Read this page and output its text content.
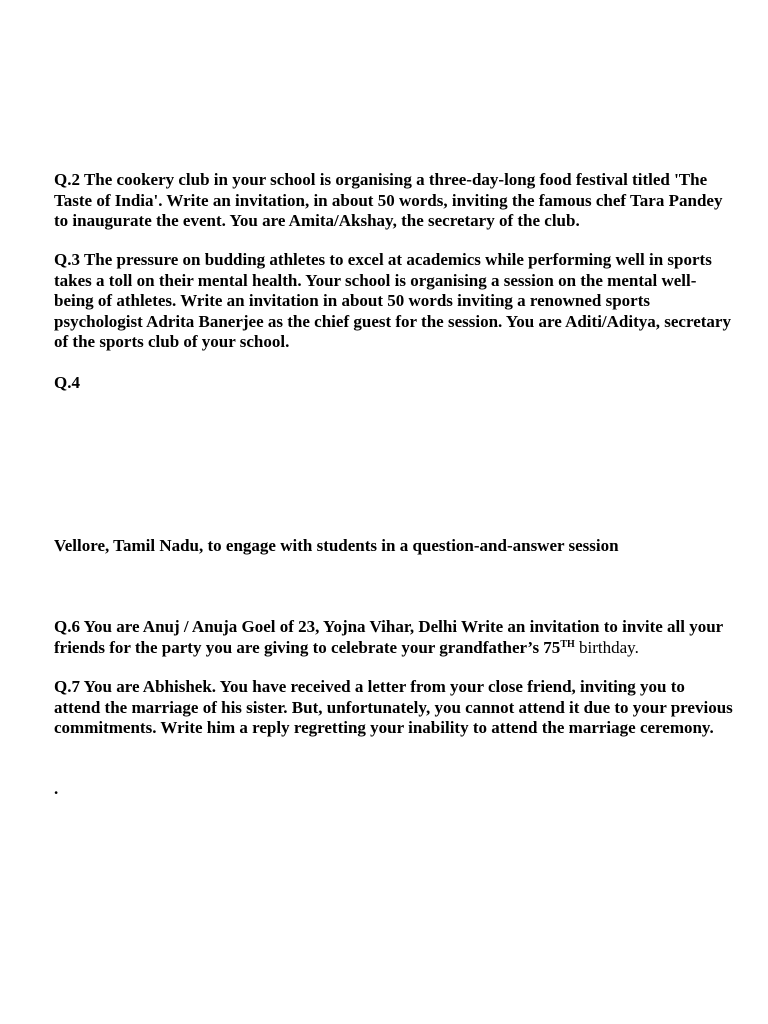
Q.2 The cookery club in your school is organising a three-day-long food festival titled 'The Taste of India'. Write an invitation, in about 50 words, inviting the famous chef Tara Pandey to inaugurate the event. You are Amita/Akshay, the secretary of the club.

Q.3 The pressure on budding athletes to excel at academics while performing well in sports takes a toll on their mental health. Your school is organising a session on the mental well-being of athletes. Write an invitation in about 50 words inviting a renowned sports psychologist Adrita Banerjee as the chief guest for the session. You are Aditi/Aditya, secretary of the sports club of your school.

Q.4

Vellore, Tamil Nadu, to engage with students in a question-and-answer session

Q.6 You are Anuj / Anuja Goel of 23, Yojna Vihar, Delhi Write an invitation to invite all your friends for the party you are giving to celebrate your grandfather’s 75TH birthday.

Q.7 You are Abhishek. You have received a letter from your close friend, inviting you to attend the marriage of his sister. But, unfortunately, you cannot attend it due to your previous commitments. Write him a reply regretting your inability to attend the marriage ceremony.

.
